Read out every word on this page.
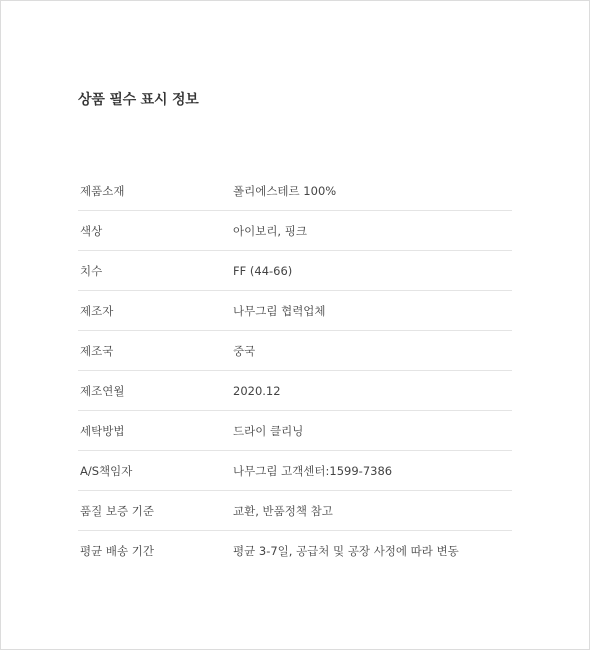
상품 필수 표시 정보
제품소재	폴리에스테르 100%
색상	아이보리, 핑크
치수	FF (44-66)
제조자	나무그림 협력업체
제조국	중국
제조연월	2020.12
세탁방법	드라이 클리닝
A/S책임자	나무그림 고객센터:1599-7386
품질 보증 기준	교환, 반품정책 참고
평균 배송 기간	평균 3-7일, 공급처 및 공장 사정에 따라 변동
